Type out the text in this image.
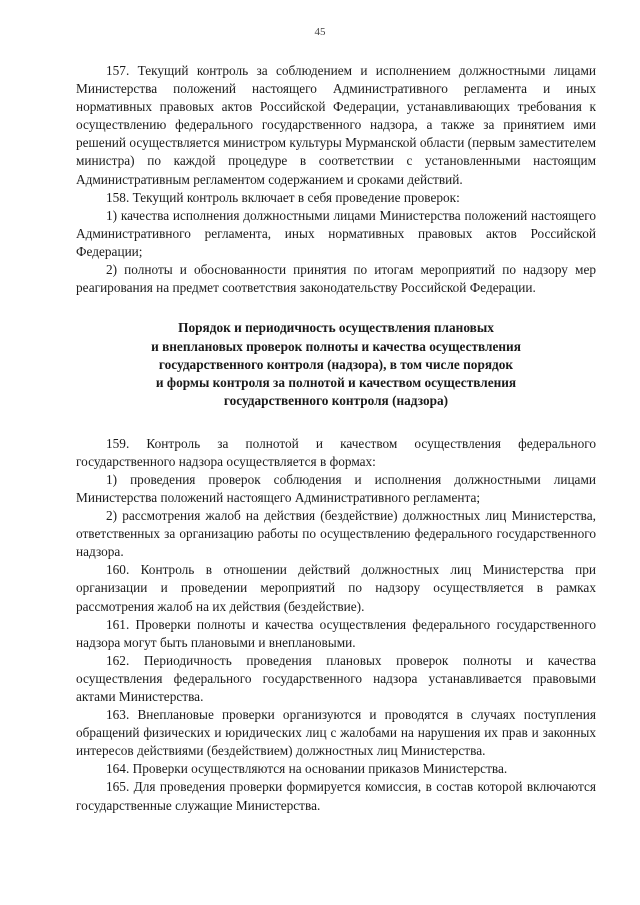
45

157. Текущий контроль за соблюдением и исполнением должностными лицами Министерства положений настоящего Административного регламента и иных нормативных правовых актов Российской Федерации, устанавливающих требования к осуществлению федерального государственного надзора, а также за принятием ими решений осуществляется министром культуры Мурманской области (первым заместителем министра) по каждой процедуре в соответствии с установленными настоящим Административным регламентом содержанием и сроками действий.

158. Текущий контроль включает в себя проведение проверок:

1) качества исполнения должностными лицами Министерства положений настоящего Административного регламента, иных нормативных правовых актов Российской Федерации;

2) полноты и обоснованности принятия по итогам мероприятий по надзору мер реагирования на предмет соответствия законодательству Российской Федерации.

Порядок и периодичность осуществления плановых
и внеплановых проверок полноты и качества осуществления
государственного контроля (надзора), в том числе порядок
и формы контроля за полнотой и качеством осуществления
государственного контроля (надзора)

159. Контроль за полнотой и качеством осуществления федерального государственного надзора осуществляется в формах:

1) проведения проверок соблюдения и исполнения должностными лицами Министерства положений настоящего Административного регламента;

2) рассмотрения жалоб на действия (бездействие) должностных лиц Министерства, ответственных за организацию работы по осуществлению федерального государственного надзора.

160. Контроль в отношении действий должностных лиц Министерства при организации и проведении мероприятий по надзору осуществляется в рамках рассмотрения жалоб на их действия (бездействие).

161. Проверки полноты и качества осуществления федерального государственного надзора могут быть плановыми и внеплановыми.

162. Периодичность проведения плановых проверок полноты и качества осуществления федерального государственного надзора устанавливается правовыми актами Министерства.

163. Внеплановые проверки организуются и проводятся в случаях поступления обращений физических и юридических лиц с жалобами на нарушения их прав и законных интересов действиями (бездействием) должностных лиц Министерства.

164. Проверки осуществляются на основании приказов Министерства.

165. Для проведения проверки формируется комиссия, в состав которой включаются государственные служащие Министерства.
